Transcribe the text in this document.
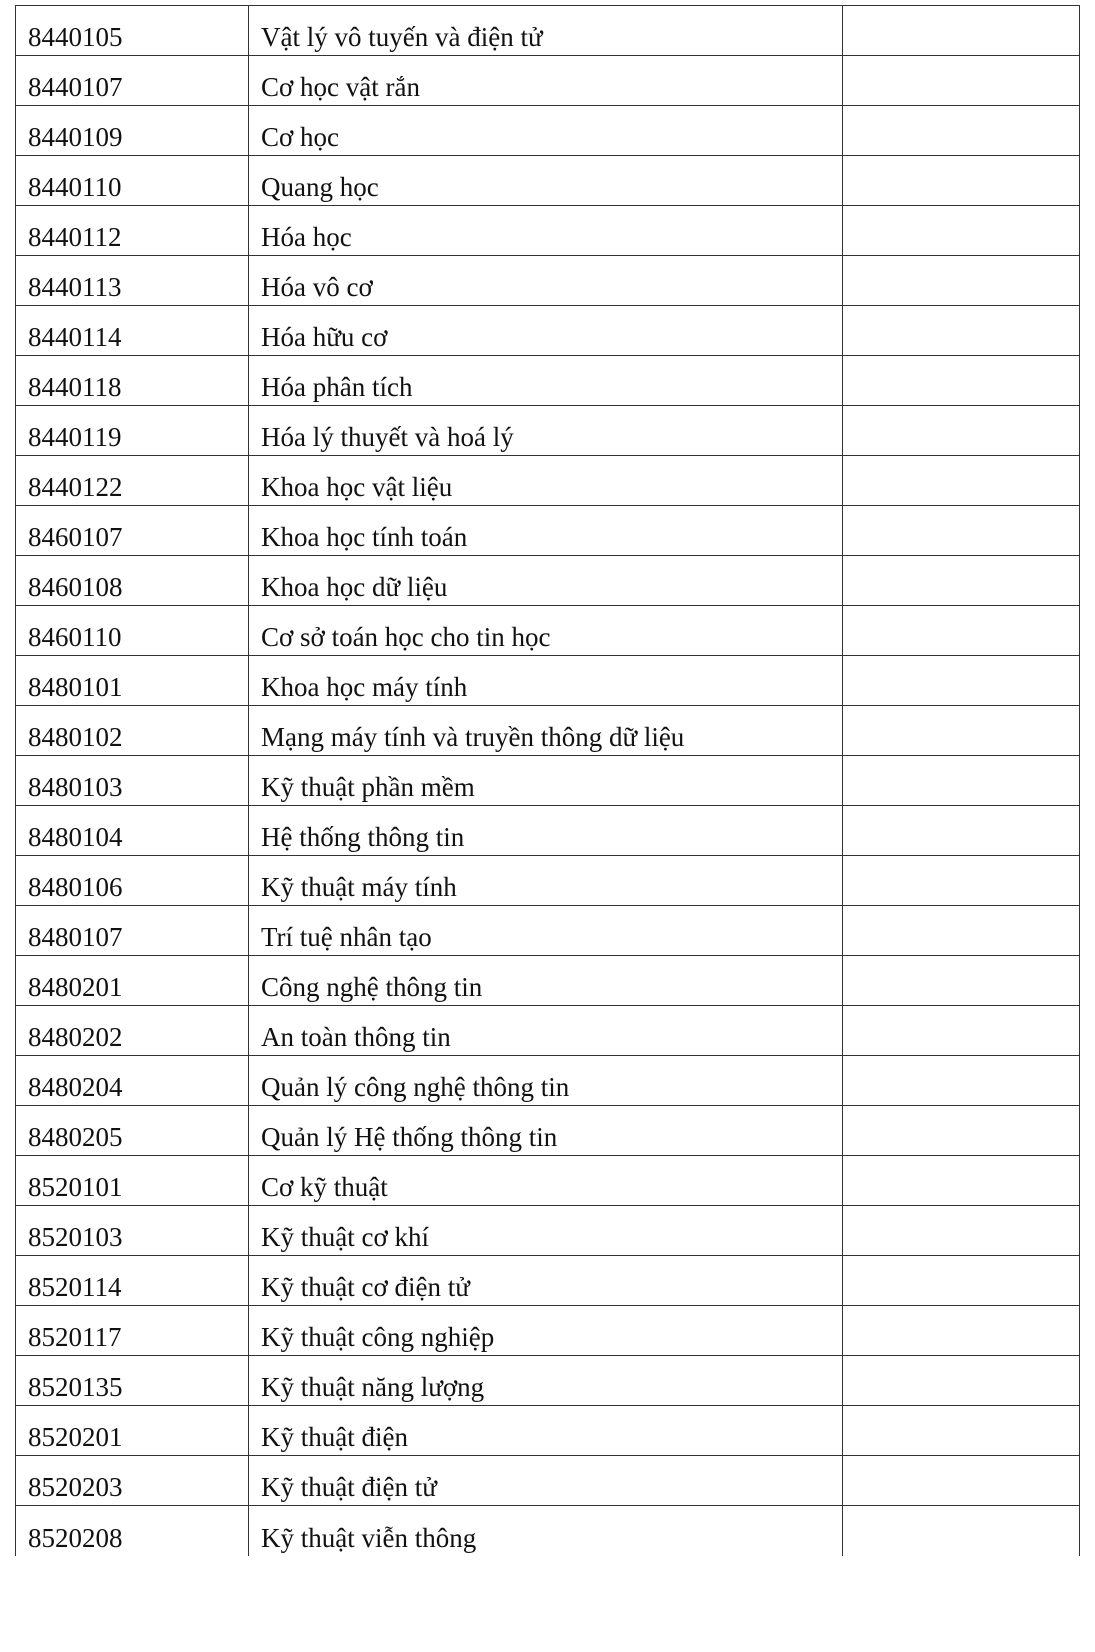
8440105	Vật lý vô tuyến và điện tử	
8440107	Cơ học vật rắn	
8440109	Cơ học	
8440110	Quang học	
8440112	Hóa học	
8440113	Hóa vô cơ	
8440114	Hóa hữu cơ	
8440118	Hóa phân tích	
8440119	Hóa lý thuyết và hoá lý	
8440122	Khoa học vật liệu	
8460107	Khoa học tính toán	
8460108	Khoa học dữ liệu	
8460110	Cơ sở toán học cho tin học	
8480101	Khoa học máy tính	
8480102	Mạng máy tính và truyền thông dữ liệu	
8480103	Kỹ thuật phần mềm	
8480104	Hệ thống thông tin	
8480106	Kỹ thuật máy tính	
8480107	Trí tuệ nhân tạo	
8480201	Công nghệ thông tin	
8480202	An toàn thông tin	
8480204	Quản lý công nghệ thông tin	
8480205	Quản lý Hệ thống thông tin	
8520101	Cơ kỹ thuật	
8520103	Kỹ thuật cơ khí	
8520114	Kỹ thuật cơ điện tử	
8520117	Kỹ thuật công nghiệp	
8520135	Kỹ thuật năng lượng	
8520201	Kỹ thuật điện	
8520203	Kỹ thuật điện tử	
8520208	Kỹ thuật viễn thông	
